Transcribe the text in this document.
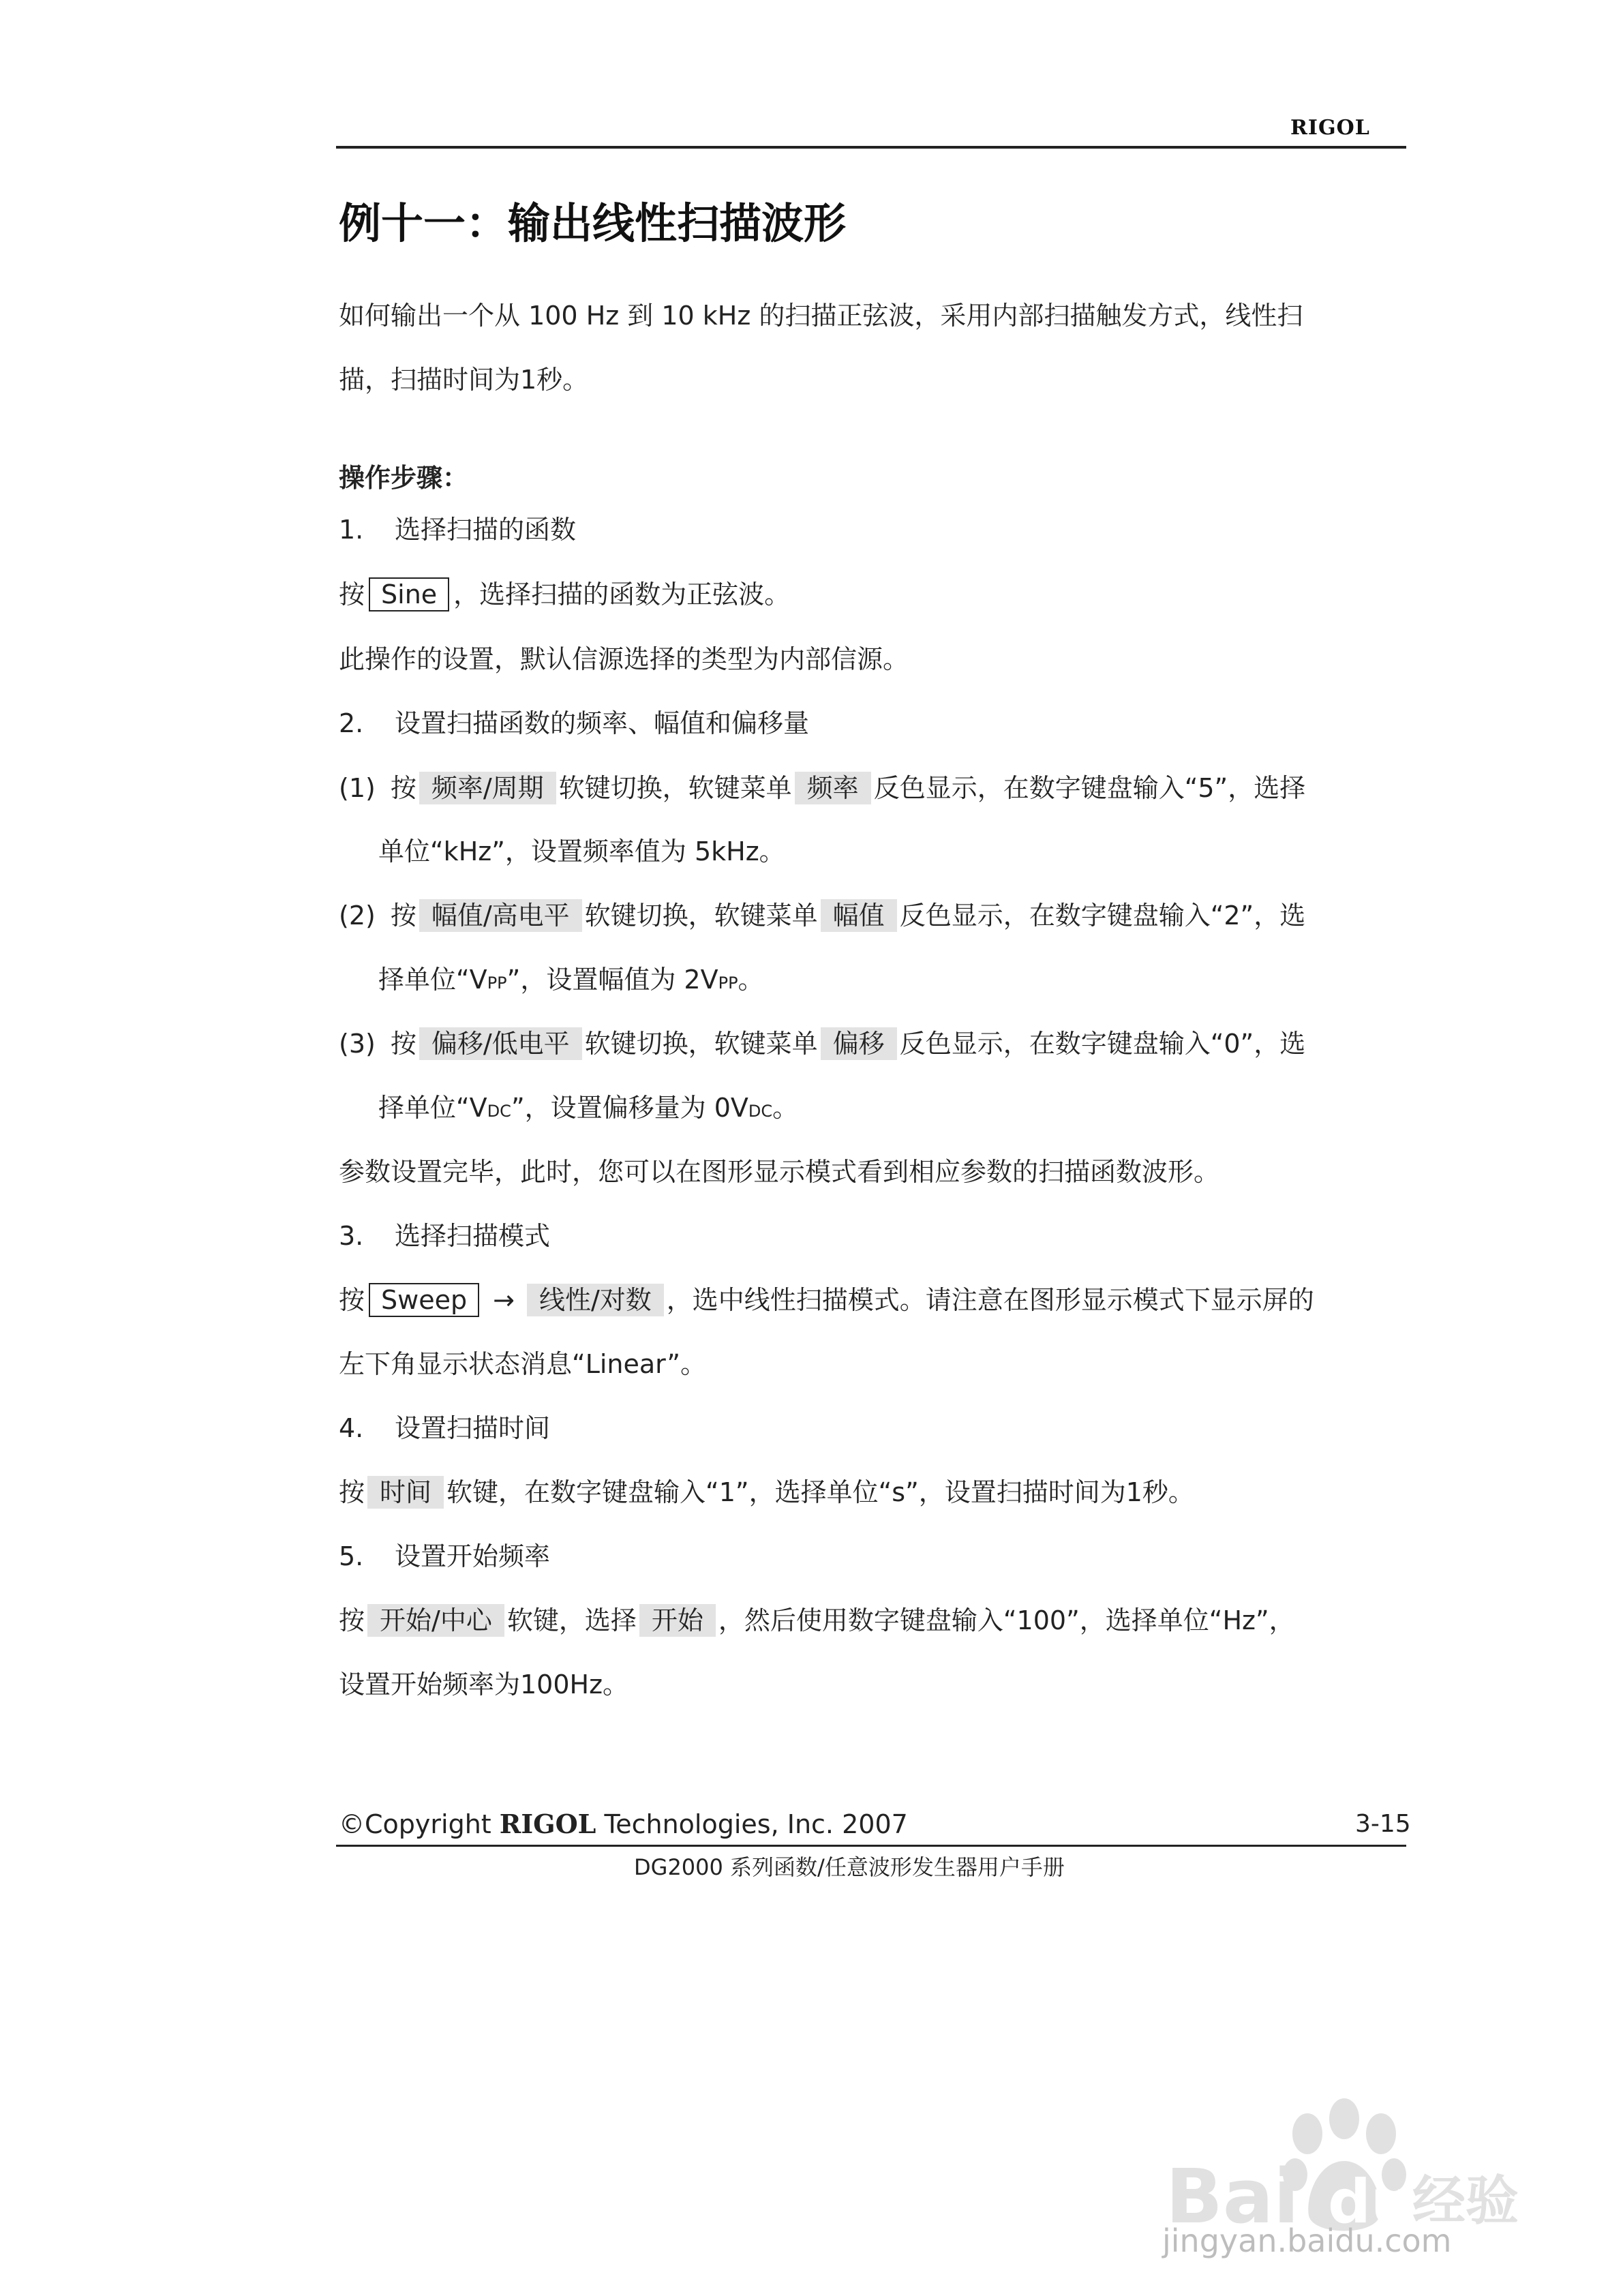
RIGOL
例十一：输出线性扫描波形
如何输出一个从 100 Hz 到 10 kHz 的扫描正弦波，采用内部扫描触发方式，线性扫
描，扫描时间为1秒。
操作步骤：
1. 选择扫描的函数
按 Sine ，选择扫描的函数为正弦波。
此操作的设置，默认信源选择的类型为内部信源。
2. 设置扫描函数的频率、幅值和偏移量
(1) 按 频率/周期 软键切换，软键菜单 频率 反色显示，在数字键盘输入“5”，选择
单位“kHz”，设置频率值为 5kHz。
(2) 按 幅值/高电平 软键切换，软键菜单 幅值 反色显示，在数字键盘输入“2”，选
择单位“VPP”，设置幅值为 2VPP。
(3) 按 偏移/低电平 软键切换，软键菜单 偏移 反色显示，在数字键盘输入“0”，选
择单位“VDC”，设置偏移量为 0VDC。
参数设置完毕，此时，您可以在图形显示模式看到相应参数的扫描函数波形。
3. 选择扫描模式
按 Sweep → 线性/对数 ，选中线性扫描模式。请注意在图形显示模式下显示屏的
左下角显示状态消息“Linear”。
4. 设置扫描时间
按 时间 软键，在数字键盘输入“1”，选择单位“s”，设置扫描时间为1秒。
5. 设置开始频率
按 开始/中心 软键，选择 开始 ，然后使用数字键盘输入“100”，选择单位“Hz”，
设置开始频率为100Hz。
©Copyright RIGOL Technologies, Inc. 2007	3-15
DG2000 系列函数/任意波形发生器用户手册
Bai du
经验
jingyan.baidu.com
